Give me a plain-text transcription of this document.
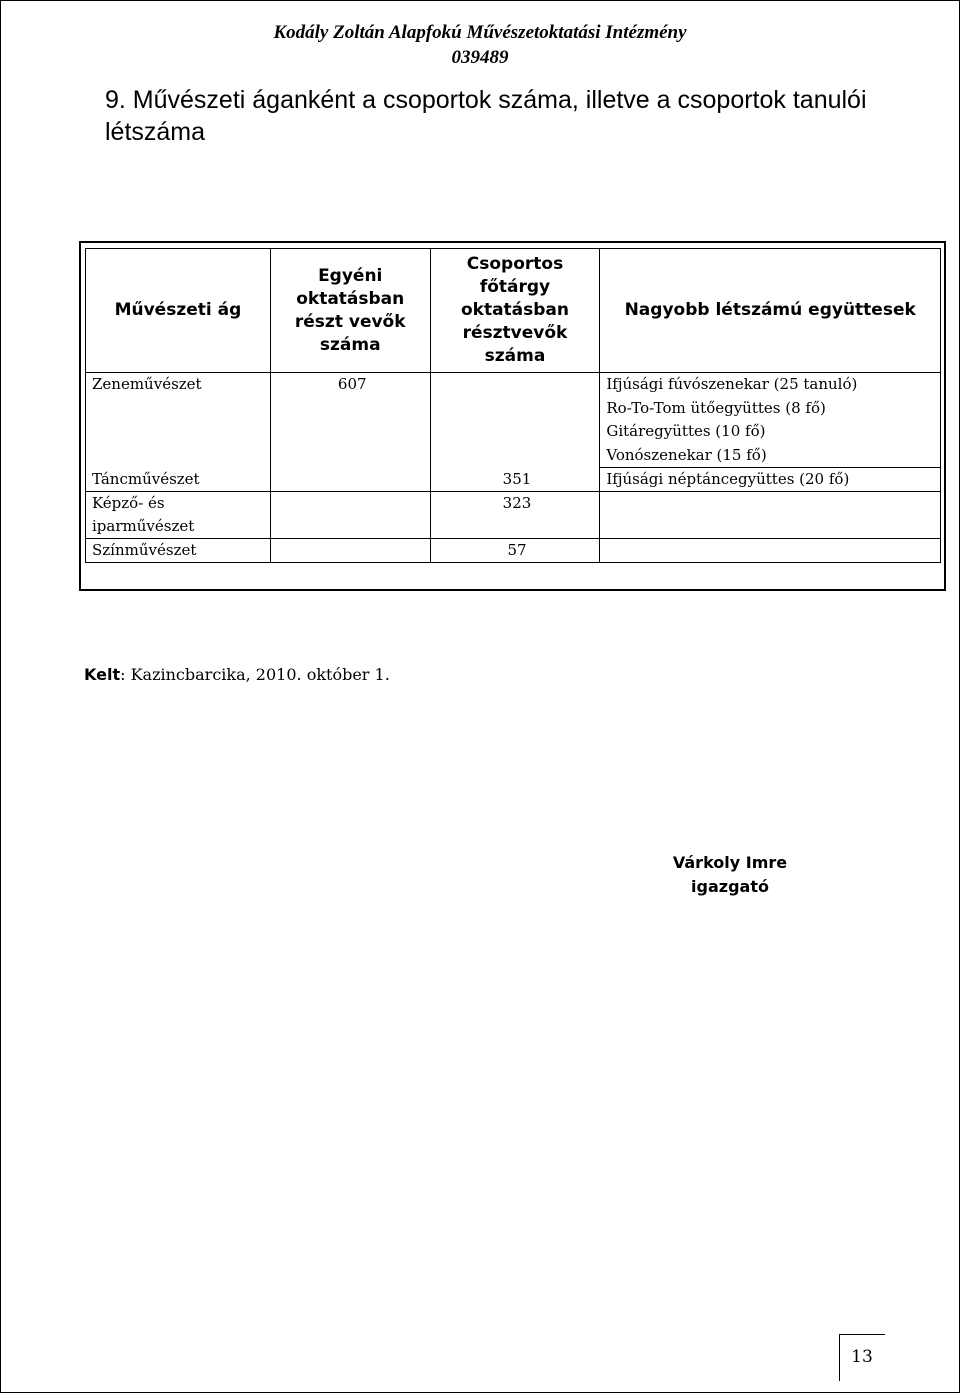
Kodály Zoltán Alapfokú Művészetoktatási Intézmény
039489
9. Művészeti áganként a csoportok száma, illetve a csoportok tanulói létszáma
Művészeti ág	Egyéni oktatásban részt vevők száma	Csoportos főtárgy oktatásban résztvevők száma	Nagyobb létszámú együttesek
Zeneművészet	607		Ifjúsági fúvószenekar (25 tanuló)
Ro-To-Tom ütőegyüttes (8 fő)
Gitáregyüttes (10 fő)
Vonószenekar (15 fő)

Táncművészet		351	Ifjúsági néptáncegyüttes (20 fő)

Képző- és iparművészet		323	
Színművészet		57	
Kelt: Kazincbarcika, 2010. október 1.
Várkoly Imre
igazgató
13
